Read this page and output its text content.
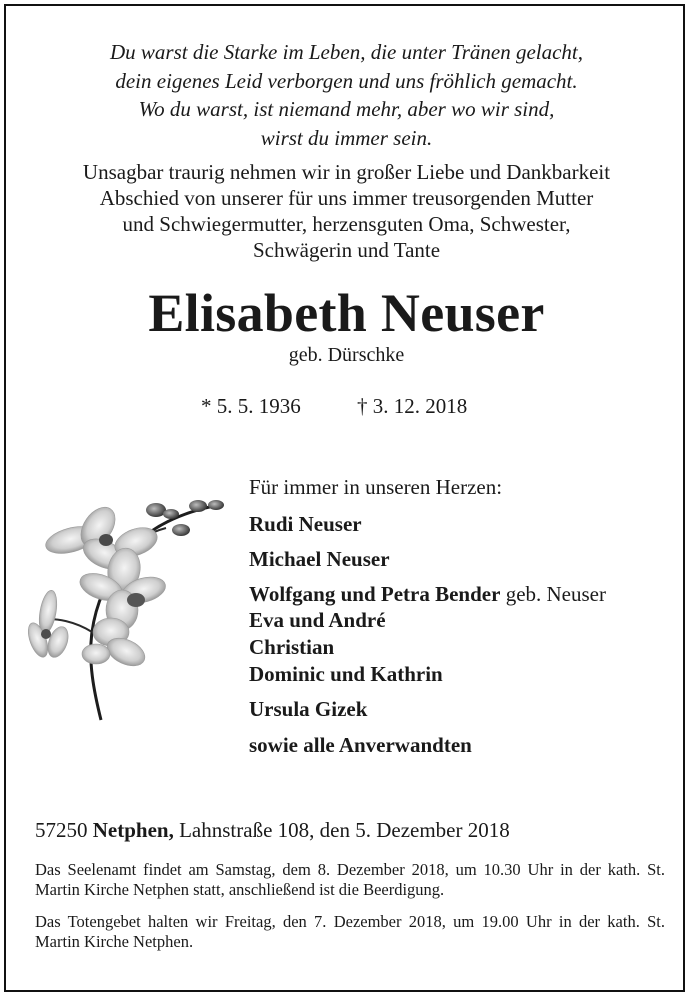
Du warst die Starke im Leben, die unter Tränen gelacht,
dein eigenes Leid verborgen und uns fröhlich gemacht.
Wo du warst, ist niemand mehr, aber wo wir sind,
wirst du immer sein.
Unsagbar traurig nehmen wir in großer Liebe und Dankbarkeit
Abschied von unserer für uns immer treusorgenden Mutter
und Schwiegermutter, herzensguten Oma, Schwester,
Schwägerin und Tante
Elisabeth Neuser
geb. Dürschke
* 5. 5. 1936	† 3. 12. 2018
Für immer in unseren Herzen:
Rudi Neuser
Michael Neuser
Wolfgang und Petra Bender geb. Neuser
Eva und André
Christian
Dominic und Kathrin
Ursula Gizek
sowie alle Anverwandten
57250 Netphen, Lahnstraße 108, den 5. Dezember 2018
Das Seelenamt findet am Samstag, dem 8. Dezember 2018, um 10.30 Uhr in der kath. St. Martin Kirche Netphen statt, anschließend ist die Beerdigung.
Das Totengebet halten wir Freitag, den 7. Dezember 2018, um 19.00 Uhr in der kath. St. Martin Kirche Netphen.
